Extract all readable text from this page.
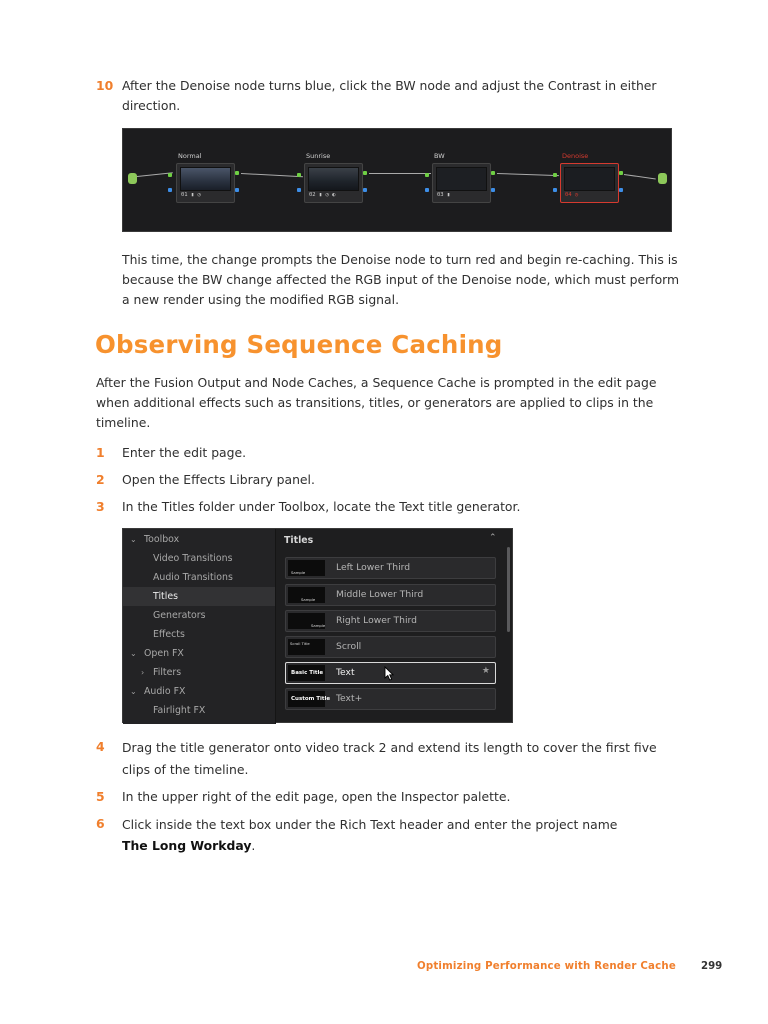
10 After the Denoise node turns blue, click the BW node and adjust the Contrast in either direction.
Normal
01 ▮ ◷
Sunrise
02 ▮ ◷ ◐
BW
03 ▮
Denoise
04 ◷
This time, the change prompts the Denoise node to turn red and begin re-caching. This is because the BW change affected the RGB input of the Denoise node, which must perform a new render using the modified RGB signal.
Observing Sequence Caching
After the Fusion Output and Node Caches, a Sequence Cache is prompted in the edit page when additional effects such as transitions, titles, or generators are applied to clips in the timeline.
1 Enter the edit page.
2 Open the Effects Library panel.
3 In the Titles folder under Toolbox, locate the Text title generator.
⌄ Toolbox
Video Transitions
Audio Transitions
Titles
Generators
Effects
⌄ Open FX
› Filters
⌄ Audio FX
Fairlight FX
Titles	⌃
Sample	Left Lower Third
Sample Middle Lower Third
Sample Right Lower Third
Scroll Title	Scroll
Basic Title Text	★
Custom Title Text+
4 Drag the title generator onto video track 2 and extend its length to cover the first five clips of the timeline.
5 In the upper right of the edit page, open the Inspector palette.
6 Click inside the text box under the Rich Text header and enter the project name
The Long Workday.
Optimizing Performance with Render Cache 299
